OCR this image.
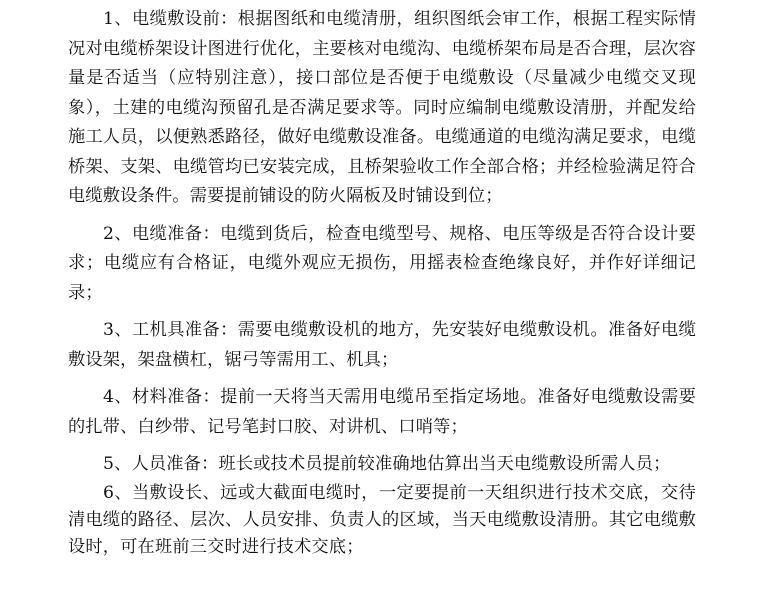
1、电缆敷设前：根据图纸和电缆清册，组织图纸会审工作，根据工程实际情况对电缆桥架设计图进行优化，主要核对电缆沟、电缆桥架布局是否合理，层次容量是否适当（应特别注意），接口部位是否便于电缆敷设（尽量减少电缆交叉现象），土建的电缆沟预留孔是否满足要求等。同时应编制电缆敷设清册，并配发给施工人员，以便熟悉路径，做好电缆敷设准备。电缆通道的电缆沟满足要求，电缆桥架、支架、电缆管均已安装完成，且桥架验收工作全部合格；并经检验满足符合电缆敷设条件。需要提前铺设的防火隔板及时铺设到位；

2、电缆准备：电缆到货后，检查电缆型号、规格、电压等级是否符合设计要求；电缆应有合格证，电缆外观应无损伤，用摇表检查绝缘良好，并作好详细记录；

3、工机具准备：需要电缆敷设机的地方，先安装好电缆敷设机。准备好电缆敷设架，架盘横杠，锯弓等需用工、机具；

4、材料准备：提前一天将当天需用电缆吊至指定场地。准备好电缆敷设需要的扎带、白纱带、记号笔封口胶、对讲机、口哨等；

5、人员准备：班长或技术员提前较准确地估算出当天电缆敷设所需人员；

6、当敷设长、远或大截面电缆时，一定要提前一天组织进行技术交底，交待清电缆的路径、层次、人员安排、负责人的区域，当天电缆敷设清册。其它电缆敷设时，可在班前三交时进行技术交底；
